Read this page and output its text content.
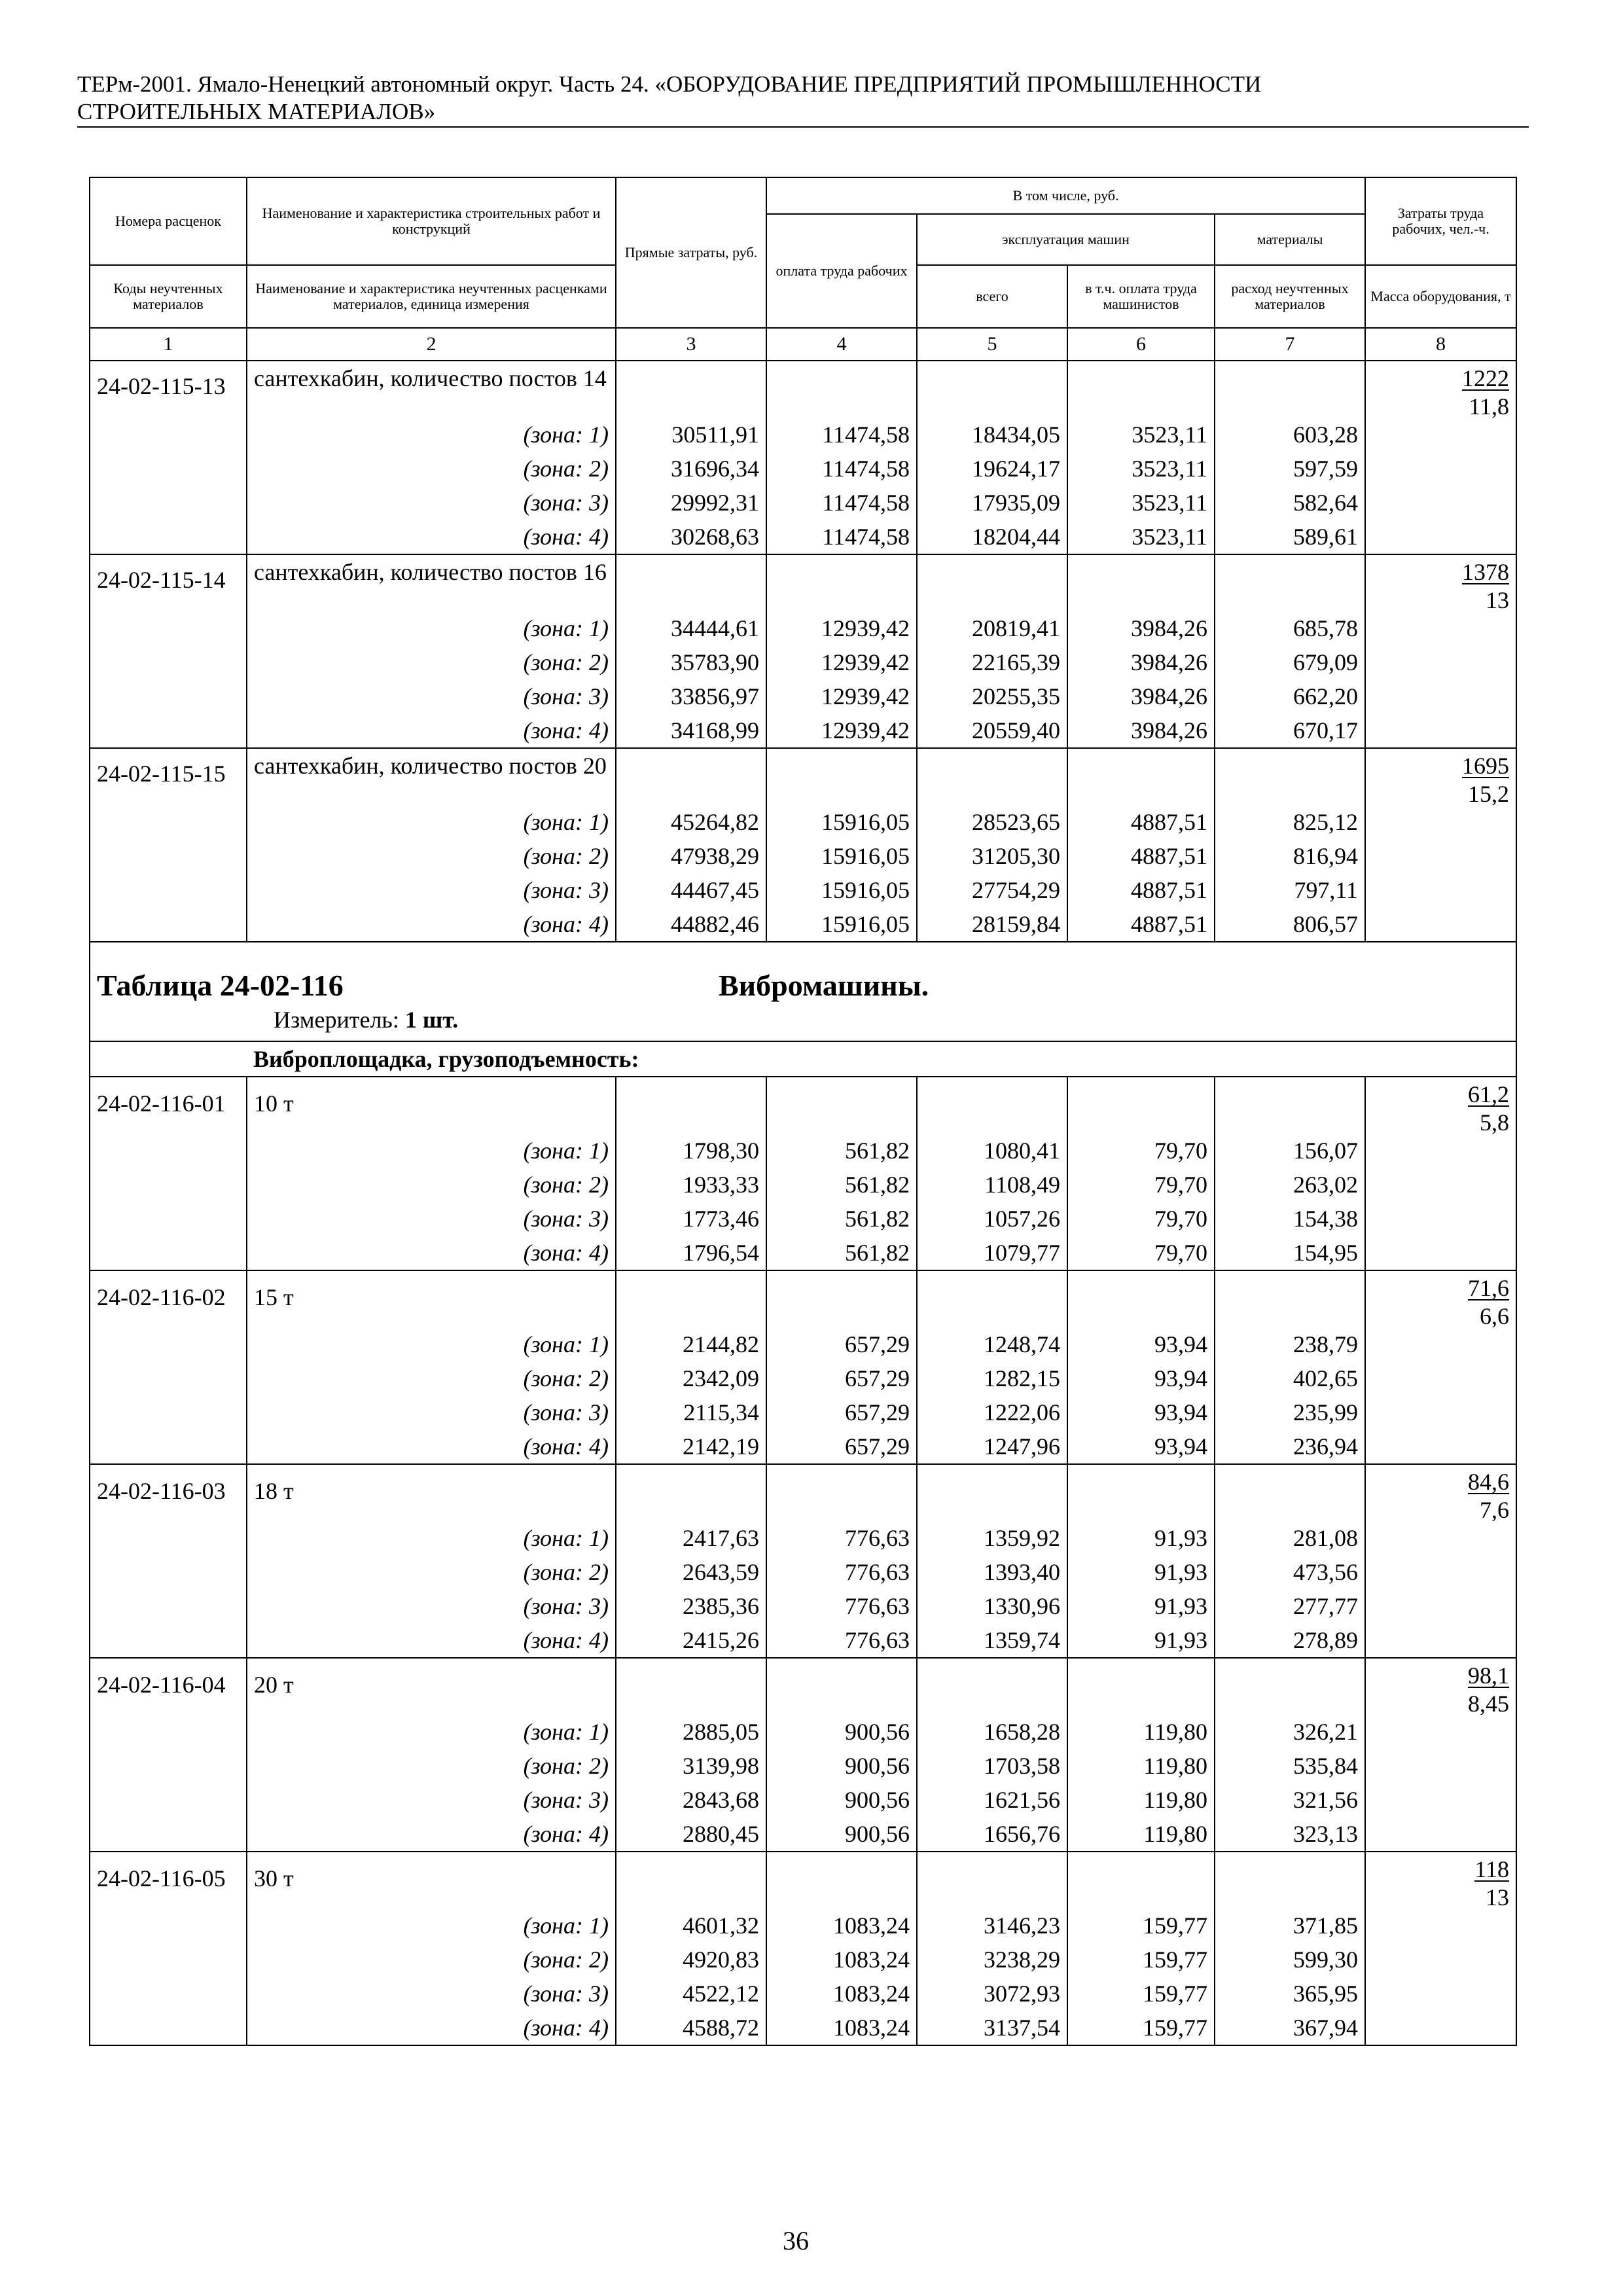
ТЕРм-2001. Ямало-Ненецкий автономный округ. Часть 24. «ОБОРУДОВАНИЕ ПРЕДПРИЯТИЙ ПРОМЫШЛЕННОСТИ
СТРОИТЕЛЬНЫХ МАТЕРИАЛОВ»
Номера расценок	Наименование и характеристика строительных работ и конструкций	Прямые затраты, руб.	В том числе, руб.				Затраты труда рабочих, чел.-ч.
			оплата труда рабочих	эксплуатация машин		материалы	
Коды неучтенных материалов	Наименование и характеристика неучтенных расценками материалов, единица измерения			всего	в т.ч. оплата труда машинистов	расход неучтенных материалов	Масса оборудования, т
1	2	3	4	5	6	7	8
24-02-115-13	сантехкабин, количество постов 14						1222
11,8

	(зона: 1)	30511,91	11474,58	18434,05	3523,11	603,28	
	(зона: 2)	31696,34	11474,58	19624,17	3523,11	597,59	
	(зона: 3)	29992,31	11474,58	17935,09	3523,11	582,64	
	(зона: 4)	30268,63	11474,58	18204,44	3523,11	589,61	
24-02-115-14	сантехкабин, количество постов 16						1378
13

	(зона: 1)	34444,61	12939,42	20819,41	3984,26	685,78	
	(зона: 2)	35783,90	12939,42	22165,39	3984,26	679,09	
	(зона: 3)	33856,97	12939,42	20255,35	3984,26	662,20	
	(зона: 4)	34168,99	12939,42	20559,40	3984,26	670,17	
24-02-115-15	сантехкабин, количество постов 20						1695
15,2

	(зона: 1)	45264,82	15916,05	28523,65	4887,51	825,12	
	(зона: 2)	47938,29	15916,05	31205,30	4887,51	816,94	
	(зона: 3)	44467,45	15916,05	27754,29	4887,51	797,11	
	(зона: 4)	44882,46	15916,05	28159,84	4887,51	806,57	

Таблица 24-02-116 Вибромашины.
Измеритель: 1 шт.							

	Виброплощадка, грузоподъемность:						
24-02-116-01	10 т						61,2
5,8

	(зона: 1)	1798,30	561,82	1080,41	79,70	156,07	
	(зона: 2)	1933,33	561,82	1108,49	79,70	263,02	
	(зона: 3)	1773,46	561,82	1057,26	79,70	154,38	
	(зона: 4)	1796,54	561,82	1079,77	79,70	154,95	
24-02-116-02	15 т						71,6
6,6

	(зона: 1)	2144,82	657,29	1248,74	93,94	238,79	
	(зона: 2)	2342,09	657,29	1282,15	93,94	402,65	
	(зона: 3)	2115,34	657,29	1222,06	93,94	235,99	
	(зона: 4)	2142,19	657,29	1247,96	93,94	236,94	
24-02-116-03	18 т						84,6
7,6

	(зона: 1)	2417,63	776,63	1359,92	91,93	281,08	
	(зона: 2)	2643,59	776,63	1393,40	91,93	473,56	
	(зона: 3)	2385,36	776,63	1330,96	91,93	277,77	
	(зона: 4)	2415,26	776,63	1359,74	91,93	278,89	
24-02-116-04	20 т						98,1
8,45

	(зона: 1)	2885,05	900,56	1658,28	119,80	326,21	
	(зона: 2)	3139,98	900,56	1703,58	119,80	535,84	
	(зона: 3)	2843,68	900,56	1621,56	119,80	321,56	
	(зона: 4)	2880,45	900,56	1656,76	119,80	323,13	
24-02-116-05	30 т						118
13

	(зона: 1)	4601,32	1083,24	3146,23	159,77	371,85	
	(зона: 2)	4920,83	1083,24	3238,29	159,77	599,30	
	(зона: 3)	4522,12	1083,24	3072,93	159,77	365,95	
	(зона: 4)	4588,72	1083,24	3137,54	159,77	367,94	
36
